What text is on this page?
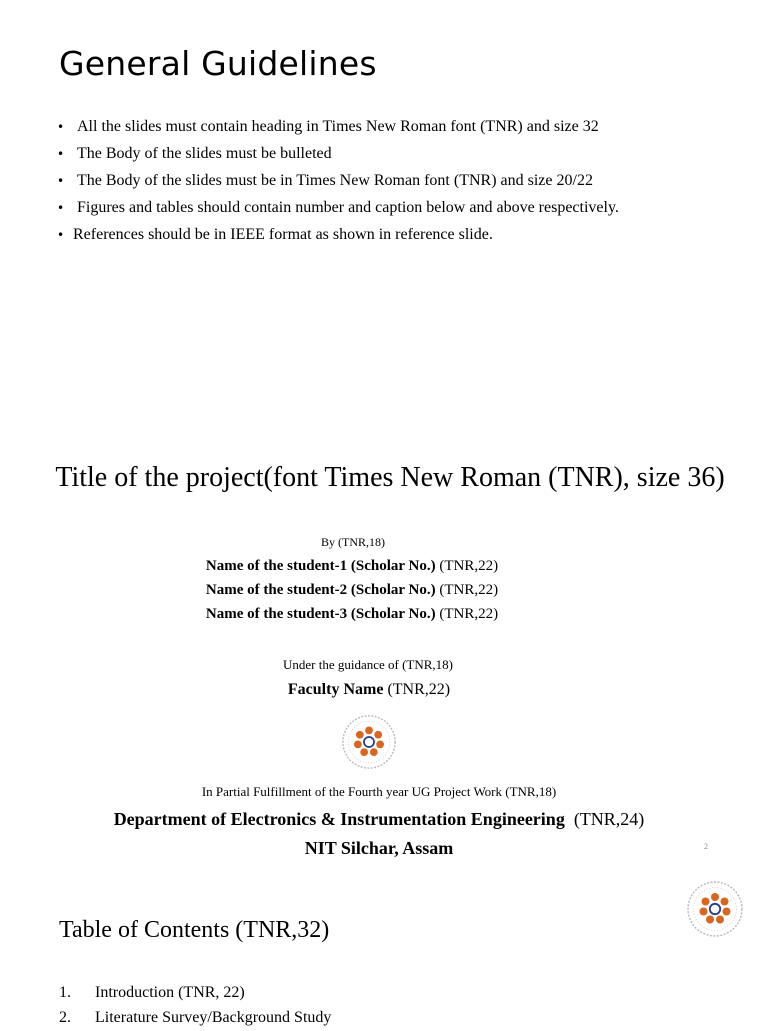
General Guidelines
• All the slides must contain heading in Times New Roman font (TNR) and size 32
• The Body of the slides must be bulleted
• The Body of the slides must be in Times New Roman font (TNR) and size 20/22
• Figures and tables should contain number and caption below and above respectively.
• References should be in IEEE format as shown in reference slide.
Title of the project(font Times New Roman (TNR), size 36)
By (TNR,18)
Name of the student-1 (Scholar No.) (TNR,22)
Name of the student-2 (Scholar No.) (TNR,22)
Name of the student-3 (Scholar No.) (TNR,22)
Under the guidance of (TNR,18)
Faculty Name (TNR,22)
In Partial Fulfillment of the Fourth year UG Project Work (TNR,18)
Department of Electronics & Instrumentation Engineering (TNR,24)
NIT Silchar, Assam	2
Table of Contents (TNR,32)
1. Introduction (TNR, 22)
2. Literature Survey/Background Study
